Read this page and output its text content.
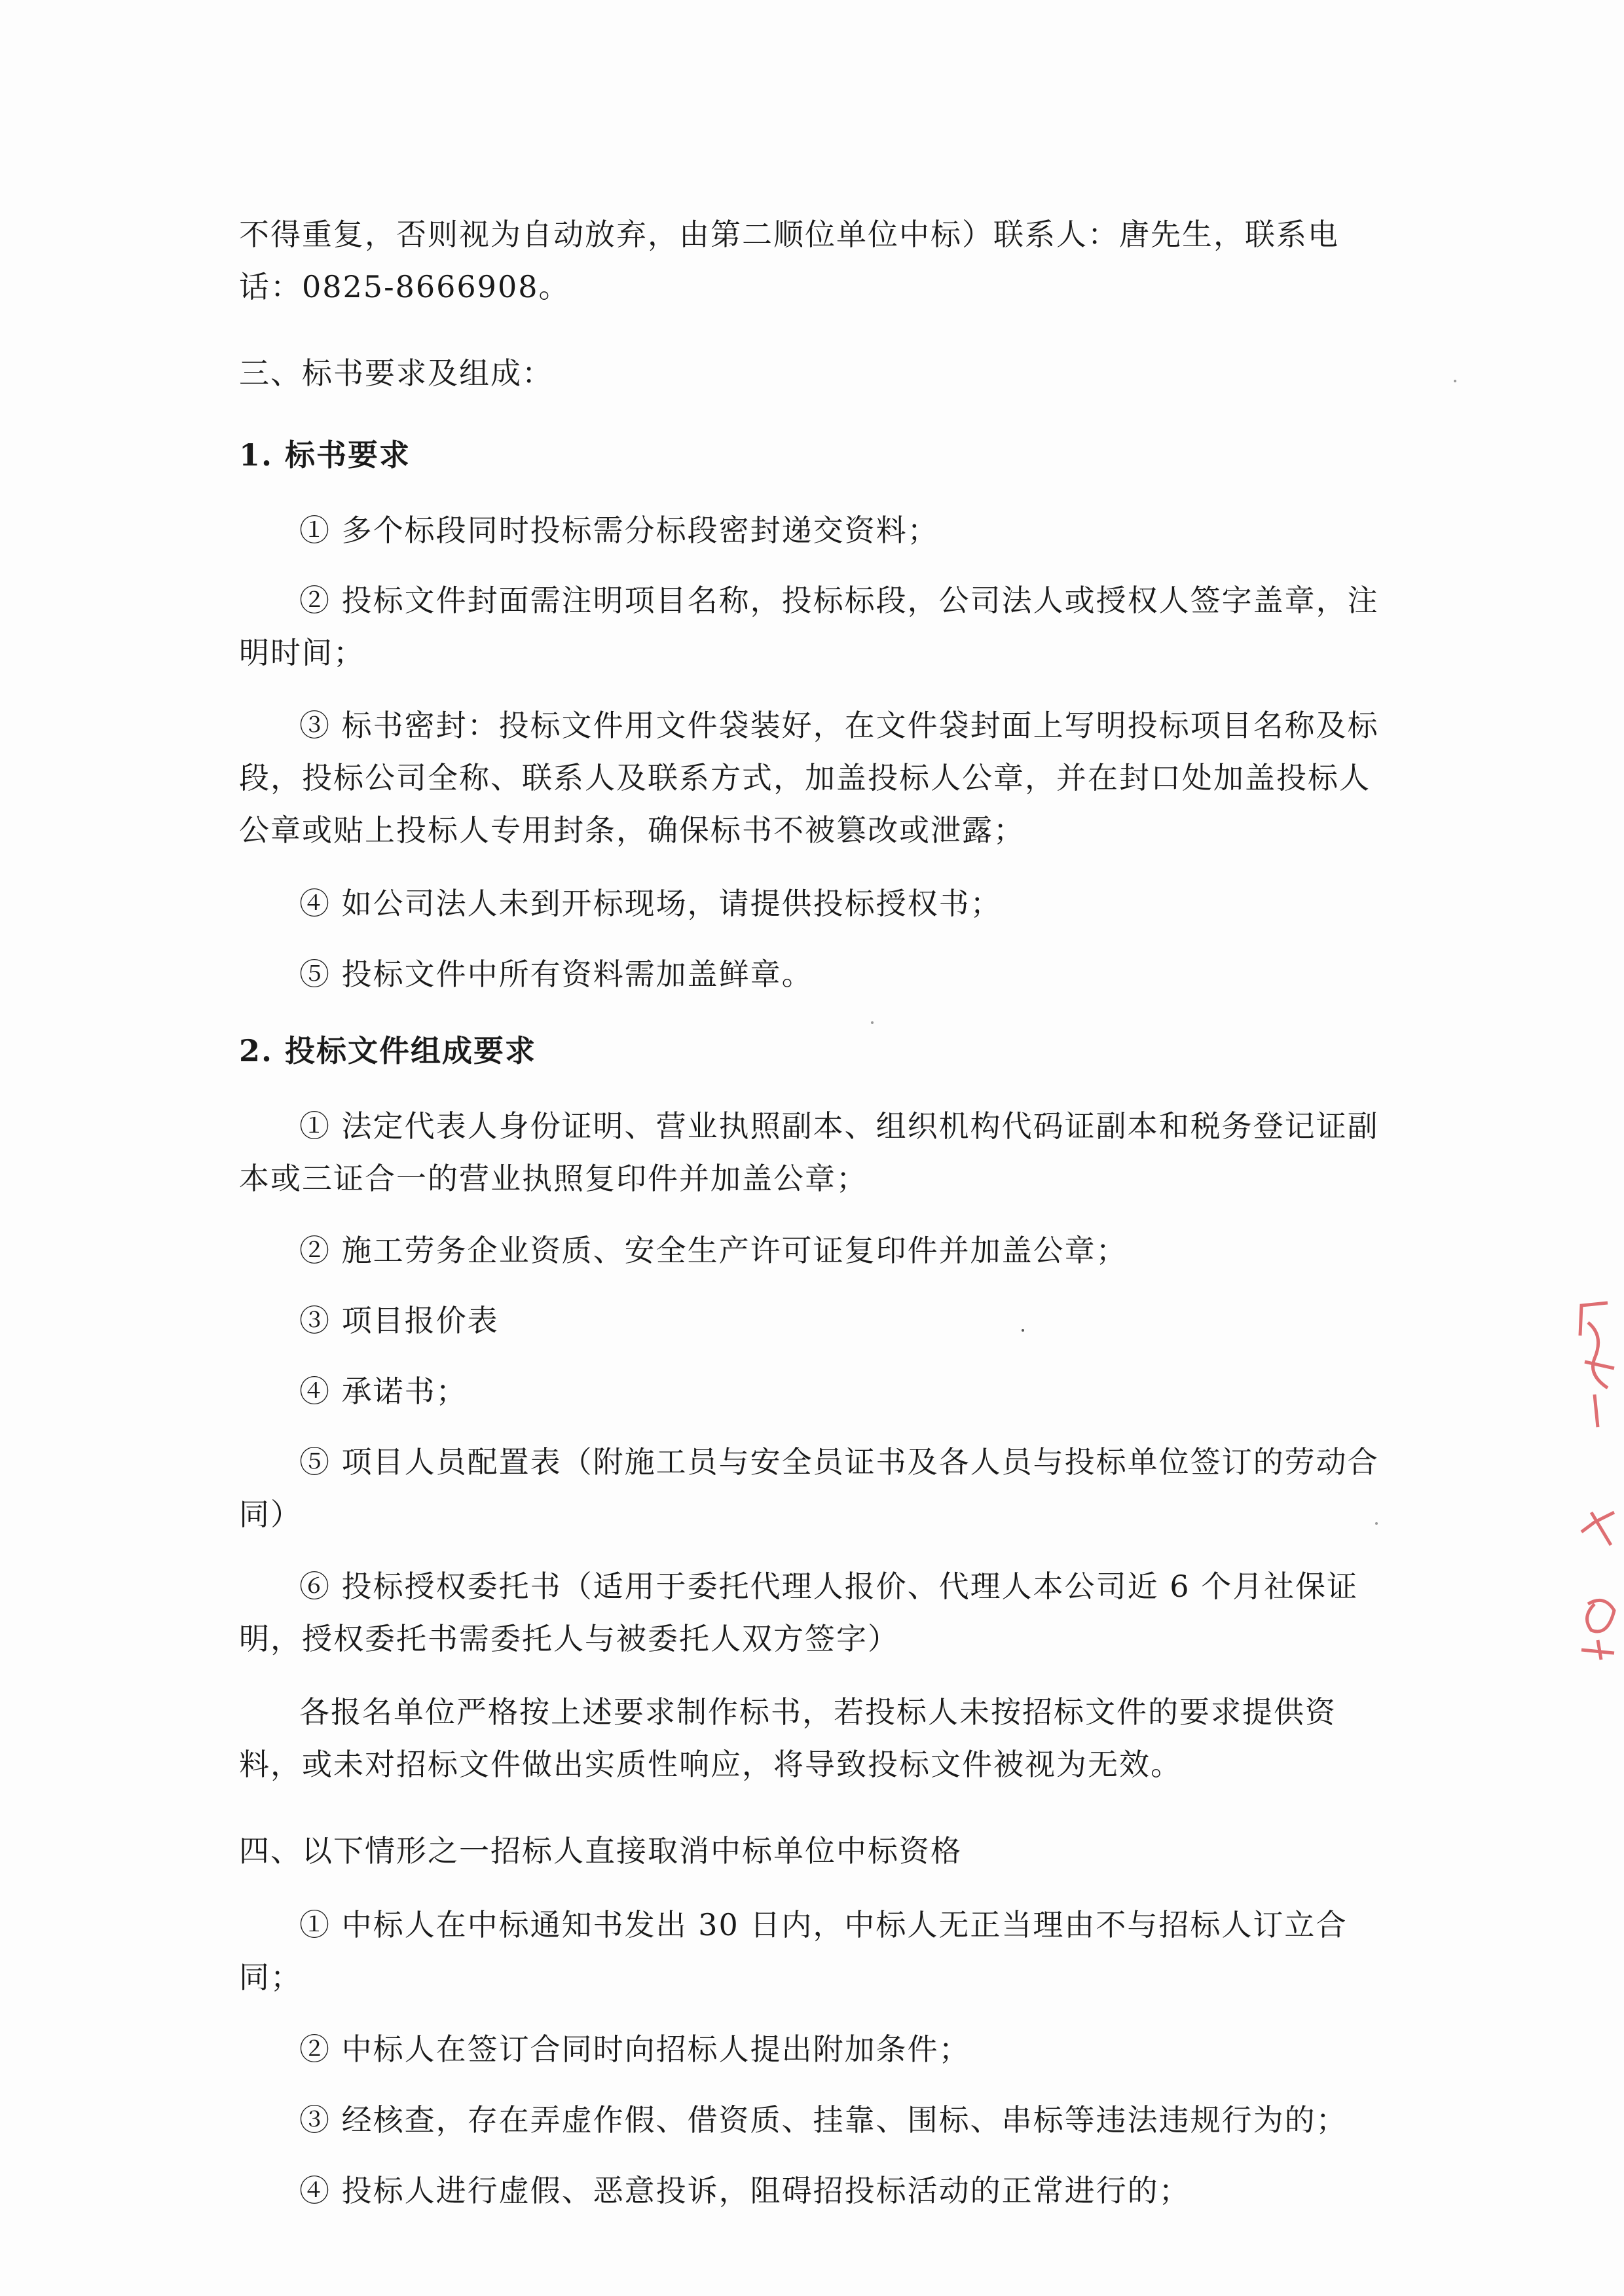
不得重复，否则视为自动放弃，由第二顺位单位中标）联系人：唐先生，联系电话：0825-8666908。
三、标书要求及组成：
1. 标书要求
① 多个标段同时投标需分标段密封递交资料；
② 投标文件封面需注明项目名称，投标标段，公司法人或授权人签字盖章，注明时间；
③ 标书密封：投标文件用文件袋装好，在文件袋封面上写明投标项目名称及标段，投标公司全称、联系人及联系方式，加盖投标人公章，并在封口处加盖投标人公章或贴上投标人专用封条，确保标书不被篡改或泄露；
④ 如公司法人未到开标现场，请提供投标授权书；
⑤ 投标文件中所有资料需加盖鲜章。
2. 投标文件组成要求
① 法定代表人身份证明、营业执照副本、组织机构代码证副本和税务登记证副本或三证合一的营业执照复印件并加盖公章；
② 施工劳务企业资质、安全生产许可证复印件并加盖公章；
③ 项目报价表
④ 承诺书；
⑤ 项目人员配置表（附施工员与安全员证书及各人员与投标单位签订的劳动合同）
⑥ 投标授权委托书（适用于委托代理人报价、代理人本公司近 6 个月社保证明，授权委托书需委托人与被委托人双方签字）
各报名单位严格按上述要求制作标书，若投标人未按招标文件的要求提供资料，或未对招标文件做出实质性响应，将导致投标文件被视为无效。
四、以下情形之一招标人直接取消中标单位中标资格
① 中标人在中标通知书发出 30 日内，中标人无正当理由不与招标人订立合同；
② 中标人在签订合同时向招标人提出附加条件；
③ 经核查，存在弄虚作假、借资质、挂靠、围标、串标等违法违规行为的；
④ 投标人进行虚假、恶意投诉，阻碍招投标活动的正常进行的；
